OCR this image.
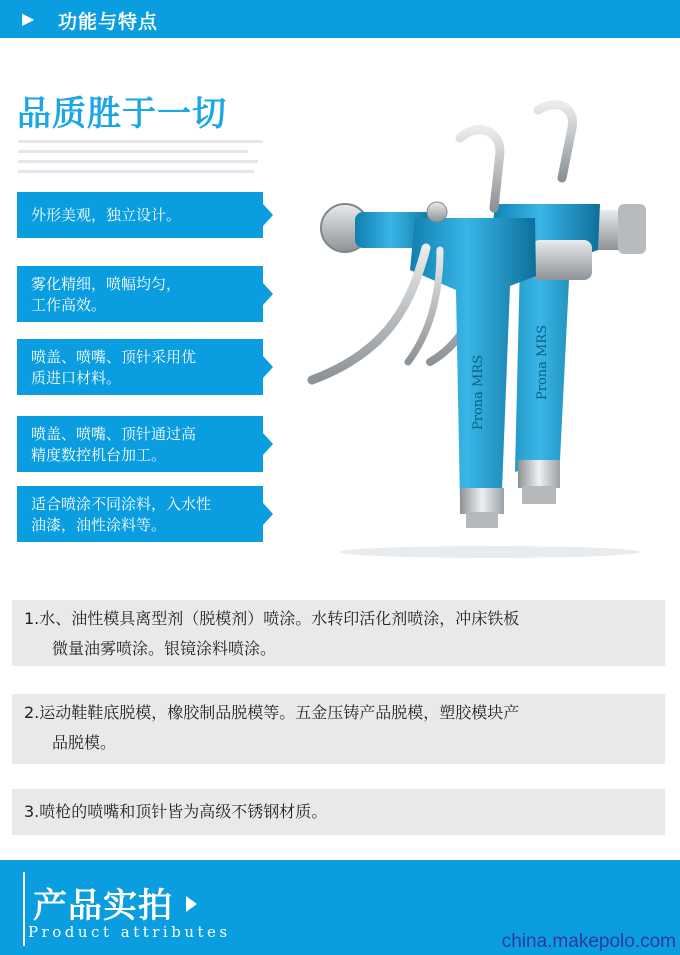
▶ 功能与特点
品质胜于一切
外形美观，独立设计。
雾化精细，喷幅均匀，
工作高效。
喷盖、喷嘴、顶针采用优
质进口材料。
喷盖、喷嘴、顶针通过高
精度数控机台加工。
适合喷涂不同涂料，入水性
油漆，油性涂料等。
Prona MRS	Prona MRS
1.水、油性模具离型剂（脱模剂）喷涂。水转印活化剂喷涂，冲床铁板
微量油雾喷涂。银镜涂料喷涂。
2.运动鞋鞋底脱模，橡胶制品脱模等。五金压铸产品脱模，塑胶模块产
品脱模。
3.喷枪的喷嘴和顶针皆为高级不锈钢材质。
产品实拍
Product attributes	china.makepolo.com
